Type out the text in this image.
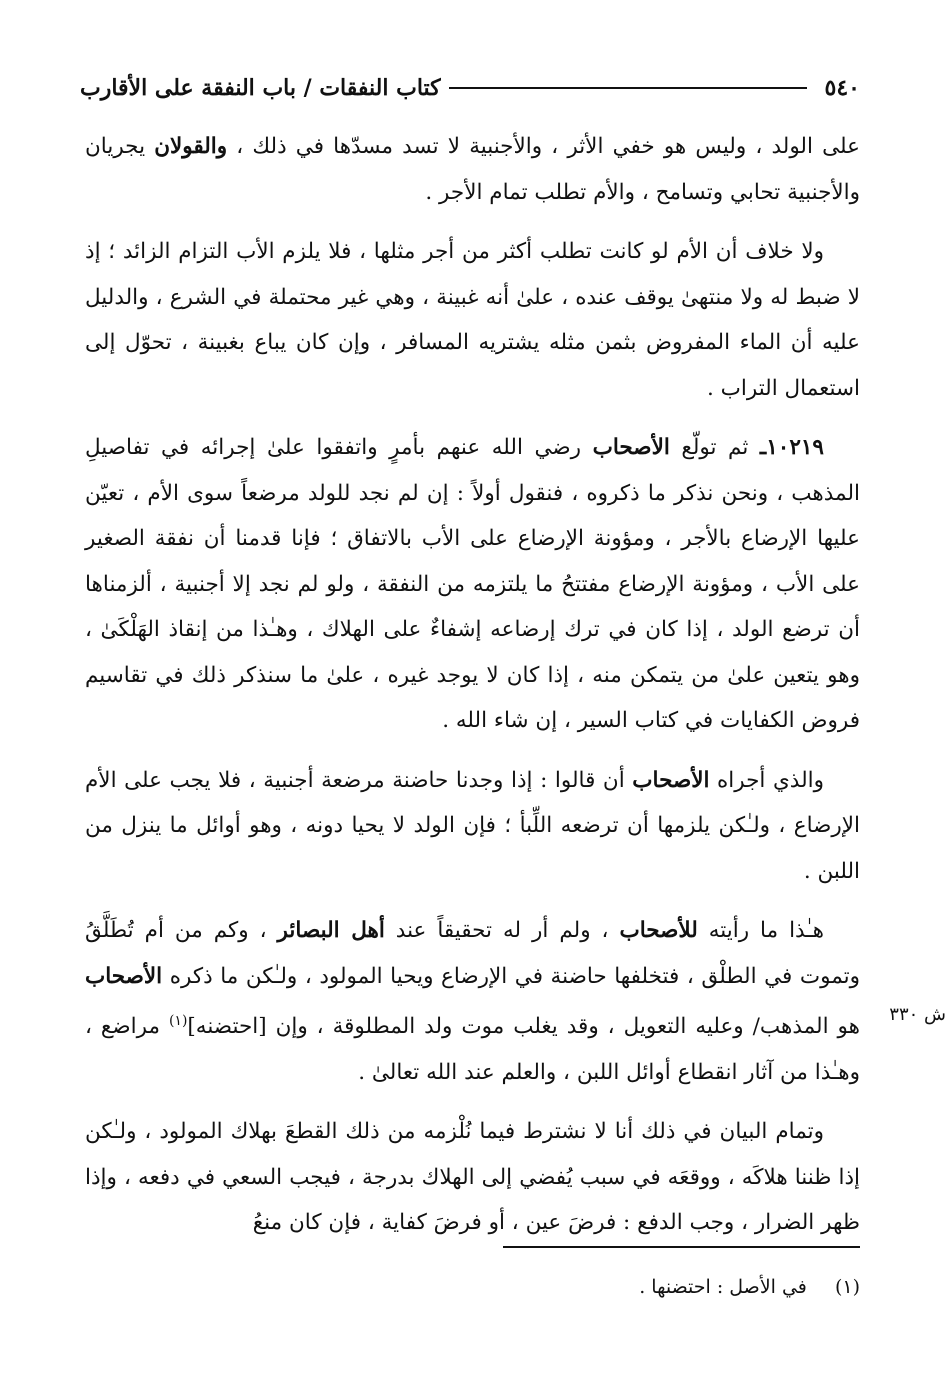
٥٤٠
كتاب النفقات / باب النفقة على الأقارب

على الولد ، وليس هو خفي الأثر ، والأجنبية لا تسد مسدّها في ذلك ، والقولان يجريان والأجنبية تحابي وتسامح ، والأم تطلب تمام الأجر .

ولا خلاف أن الأم لو كانت تطلب أكثر من أجر مثلها ، فلا يلزم الأب التزام الزائد ؛ إذ لا ضبط له ولا منتهىٰ يوقف عنده ، علىٰ أنه غبينة ، وهي غير محتملة في الشرع ، والدليل عليه أن الماء المفروض بثمن مثله يشتريه المسافر ، وإن كان يباع بغبينة ، تحوّل إلى استعمال التراب .

١٠٢١٩ـ ثم تولّع الأصحاب رضي الله عنهم بأمرٍ واتفقوا علىٰ إجرائه في تفاصيلِ المذهب ، ونحن نذكر ما ذكروه ، فنقول أولاً : إن لم نجد للولد مرضعاً سوى الأم ، تعيّن عليها الإرضاع بالأجر ، ومؤونة الإرضاع على الأب بالاتفاق ؛ فإنا قدمنا أن نفقة الصغير على الأب ، ومؤونة الإرضاع مفتتحُ ما يلتزمه من النفقة ، ولو لم نجد إلا أجنبية ، ألزمناها أن ترضع الولد ، إذا كان في ترك إرضاعه إشفاءٌ على الهلاك ، وهـٰذا من إنقاذ الهَلْكَىٰ ، وهو يتعين علىٰ من يتمكن منه ، إذا كان لا يوجد غيره ، علىٰ ما سنذكر ذلك في تقاسيم فروض الكفايات في كتاب السير ، إن شاء الله .

والذي أجراه الأصحاب أن قالوا : إذا وجدنا حاضنة مرضعة أجنبية ، فلا يجب على الأم الإرضاع ، ولـٰكن يلزمها أن ترضعه اللِّبأ ؛ فإن الولد لا يحيا دونه ، وهو أوائل ما ينزل من اللبن .

هـٰذا ما رأيته للأصحاب ، ولم أر له تحقيقاً عند أهل البصائر ، وكم من أم تُطَلَّقُ وتموت في الطلْق ، فتخلفها حاضنة في الإرضاع ويحيا المولود ، ولـٰكن ما ذكره الأصحاب هو المذهب/ وعليه التعويل ، وقد يغلب موت ولد المطلوقة ، وإن [احتضنه]$^{(١)}$ مراضع ، وهـٰذا من آثار انقطاع أوائل اللبن ، والعلم عند الله تعالىٰ .

وتمام البيان في ذلك أنا لا نشترط فيما نُلْزمه من ذلك القطعَ بهلاك المولود ، ولـٰكن إذا ظننا هلاكَه ، ووقعَه في سبب يُفضي إلى الهلاك بدرجة ، فيجب السعي في دفعه ، وإذا ظهر الضرار ، وجب الدفع : فرضَ عين ، أو فرضَ كفاية ، فإن كان منعُ

ش ٣٣٠
(١) في الأصل : احتضنها .
